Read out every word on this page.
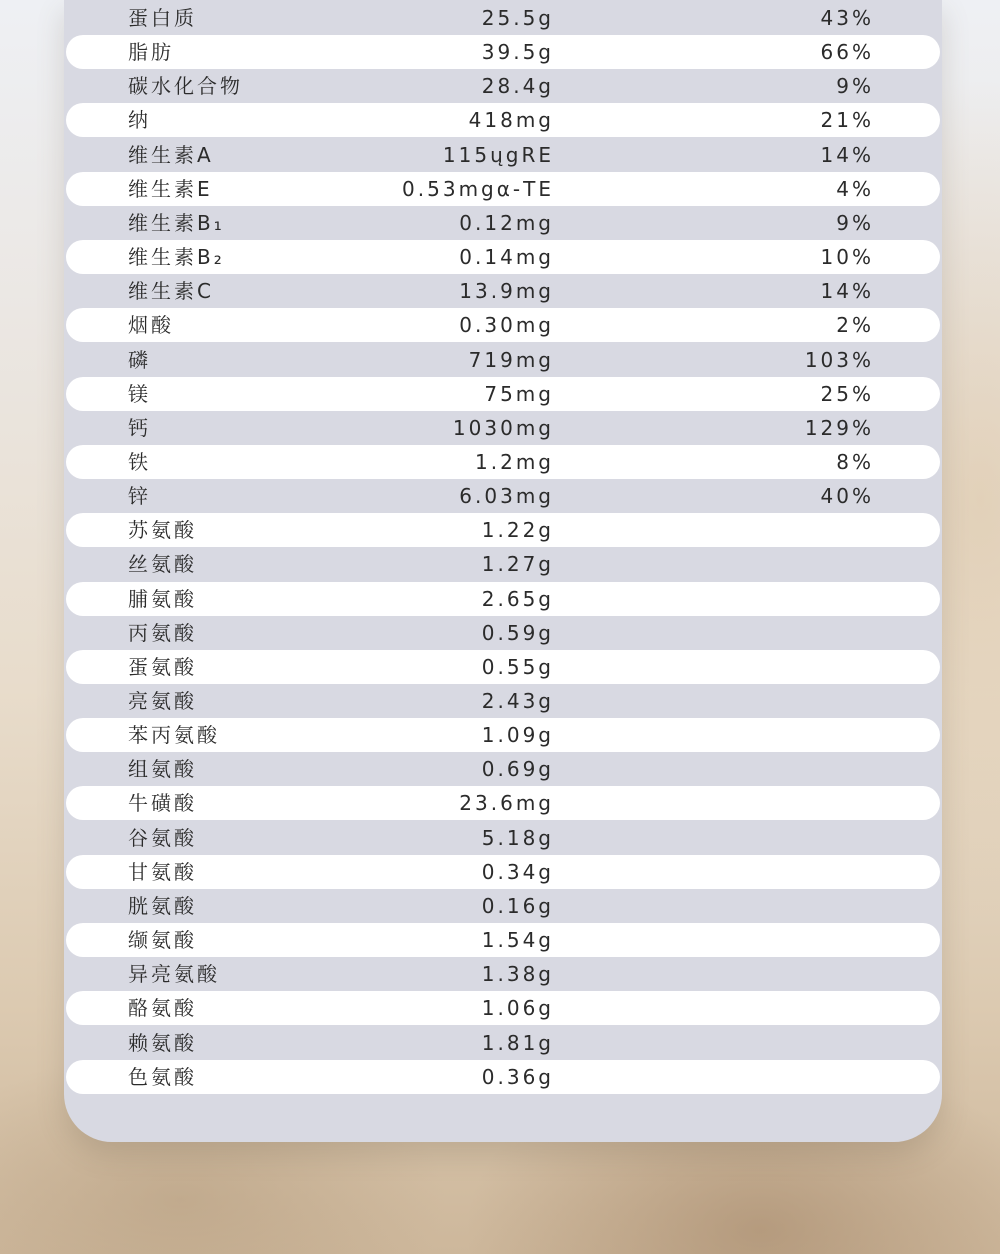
蛋白质	25.5g	43%
脂肪	39.5g	66%
碳水化合物	28.4g	9%
纳	418mg	21%
维生素A	115ųgRE	14%
维生素E	0.53mgα-TE	4%
维生素B₁	0.12mg	9%
维生素B₂	0.14mg	10%
维生素C	13.9mg	14%
烟酸	0.30mg	2%
磷	719mg	103%
镁	75mg	25%
钙	1030mg	129%
铁	1.2mg	8%
锌	6.03mg	40%
苏氨酸	1.22g
丝氨酸	1.27g
脯氨酸	2.65g
丙氨酸	0.59g
蛋氨酸	0.55g
亮氨酸	2.43g
苯丙氨酸	1.09g
组氨酸	0.69g
牛磺酸	23.6mg
谷氨酸	5.18g
甘氨酸	0.34g
胱氨酸	0.16g
缬氨酸	1.54g
异亮氨酸	1.38g
酪氨酸	1.06g
赖氨酸	1.81g
色氨酸	0.36g
